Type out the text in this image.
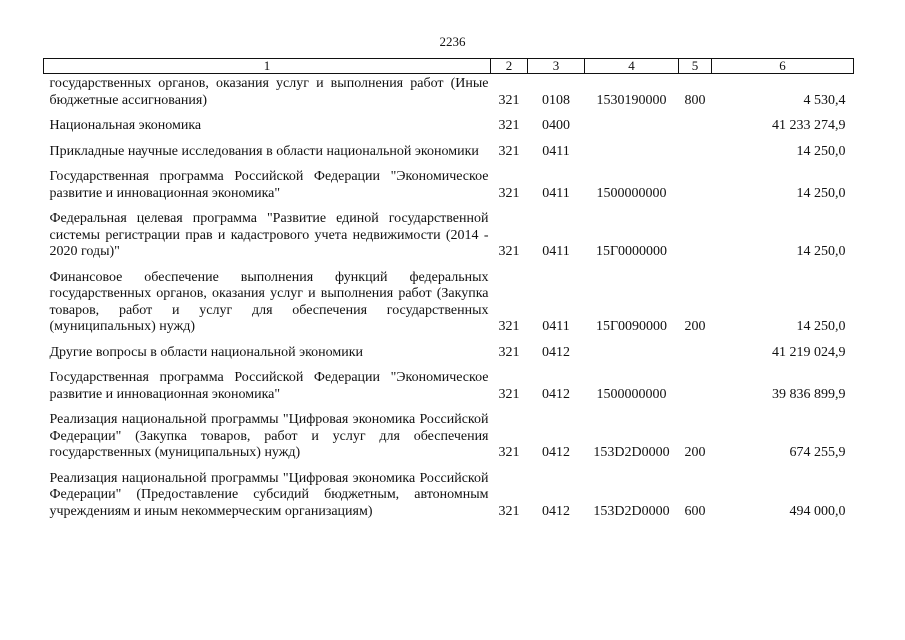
2236
1	2	3	4	5	6
государственных органов, оказания услуг и выполнения работ (Иные бюджетные ассигнования)	321	0108	1530190000	800	4 530,4
Национальная экономика	321	0400			41 233 274,9
Прикладные научные исследования в области национальной экономики	321	0411			14 250,0
Государственная программа Российской Федерации "Экономическое развитие и инновационная экономика"	321	0411	1500000000		14 250,0
Федеральная целевая программа "Развитие единой государственной системы регистрации прав и кадастрового учета недвижимости (2014 - 2020 годы)"	321	0411	15Г0000000		14 250,0
Финансовое обеспечение выполнения функций федеральных государственных органов, оказания услуг и выполнения работ (Закупка товаров, работ и услуг для обеспечения государственных (муниципальных) нужд)	321	0411	15Г0090000	200	14 250,0
Другие вопросы в области национальной экономики	321	0412			41 219 024,9
Государственная программа Российской Федерации "Экономическое развитие и инновационная экономика"	321	0412	1500000000		39 836 899,9
Реализация национальной программы "Цифровая экономика Российской Федерации" (Закупка товаров, работ и услуг для обеспечения государственных (муниципальных) нужд)	321	0412	153D2D0000	200	674 255,9
Реализация национальной программы "Цифровая экономика Российской Федерации" (Предоставление субсидий бюджетным, автономным учреждениям и иным некоммерческим организациям)	321	0412	153D2D0000	600	494 000,0
